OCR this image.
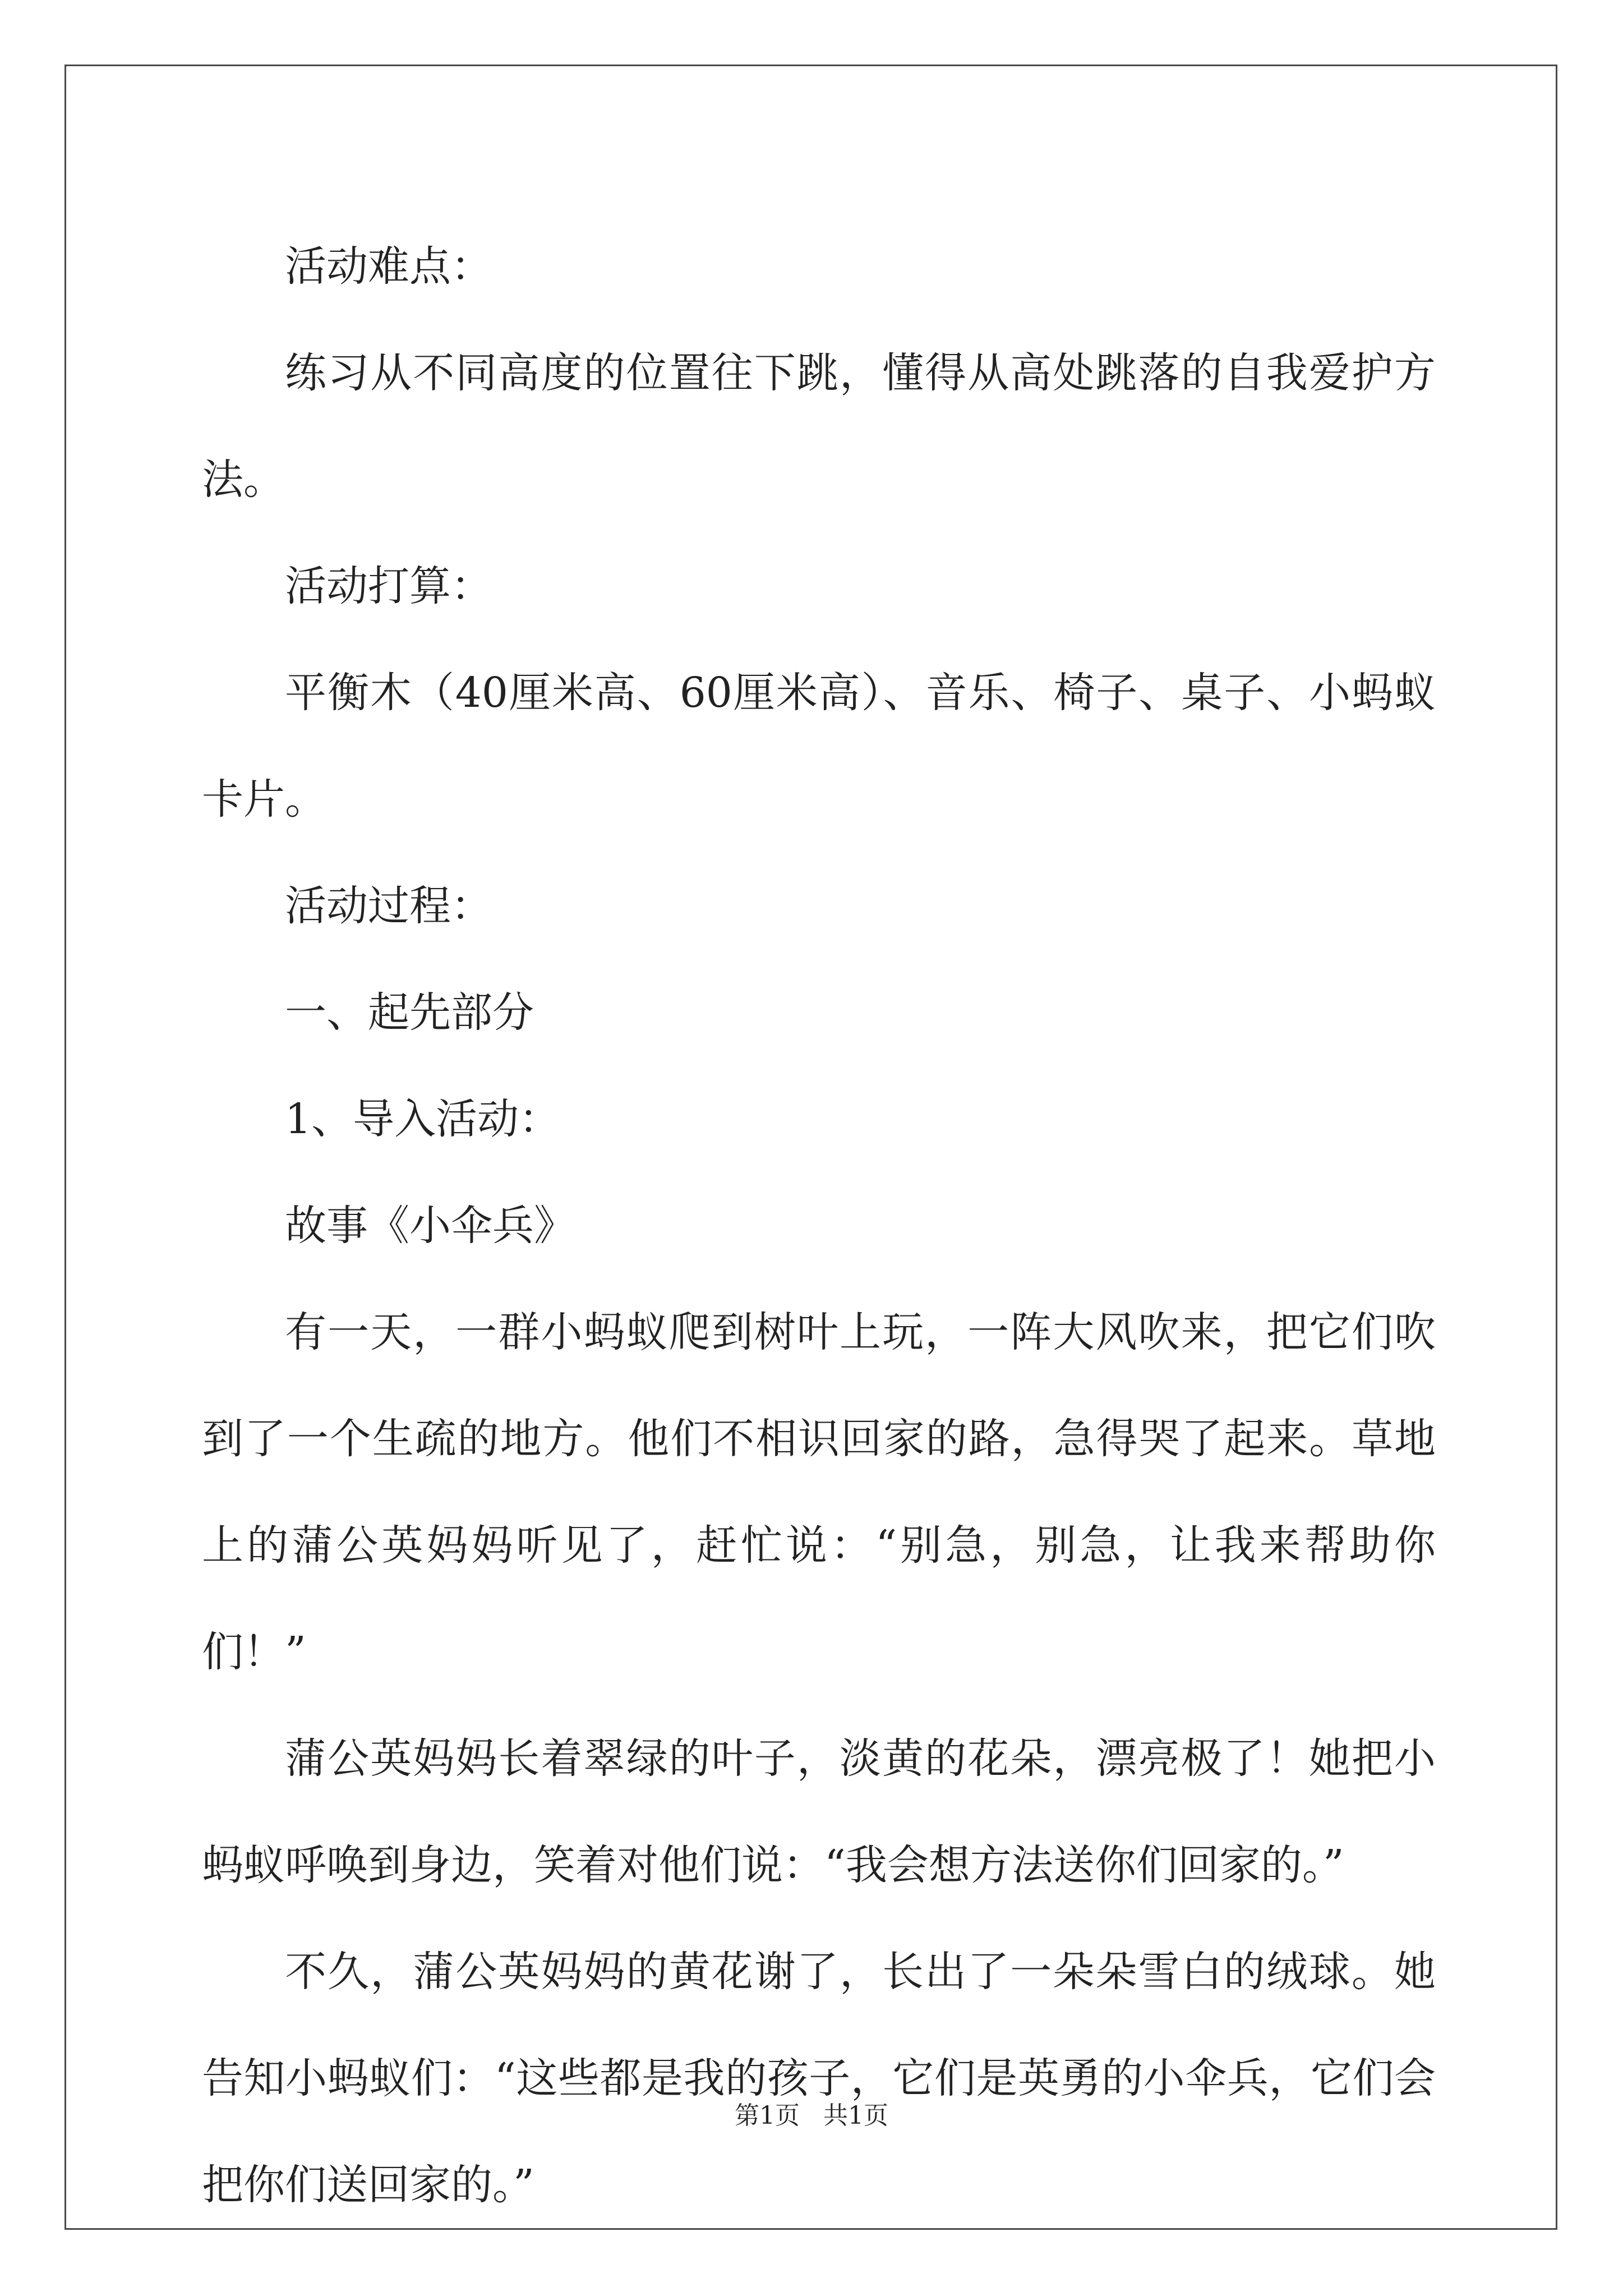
活动难点：

练习从不同高度的位置往下跳，懂得从高处跳落的自我爱护方法。

活动打算：

平衡木（40厘米高、60厘米高）、音乐、椅子、桌子、小蚂蚁卡片。

活动过程：

一、起先部分

1、导入活动：

故事《小伞兵》

有一天，一群小蚂蚁爬到树叶上玩，一阵大风吹来，把它们吹到了一个生疏的地方。他们不相识回家的路，急得哭了起来。草地上的蒲公英妈妈听见了，赶忙说：“别急，别急，让我来帮助你们！”

蒲公英妈妈长着翠绿的叶子，淡黄的花朵，漂亮极了！她把小蚂蚁呼唤到身边，笑着对他们说：“我会想方法送你们回家的。”

不久，蒲公英妈妈的黄花谢了，长出了一朵朵雪白的绒球。她告知小蚂蚁们：“这些都是我的孩子，它们是英勇的小伞兵，它们会把你们送回家的。”

第1页   共1页
